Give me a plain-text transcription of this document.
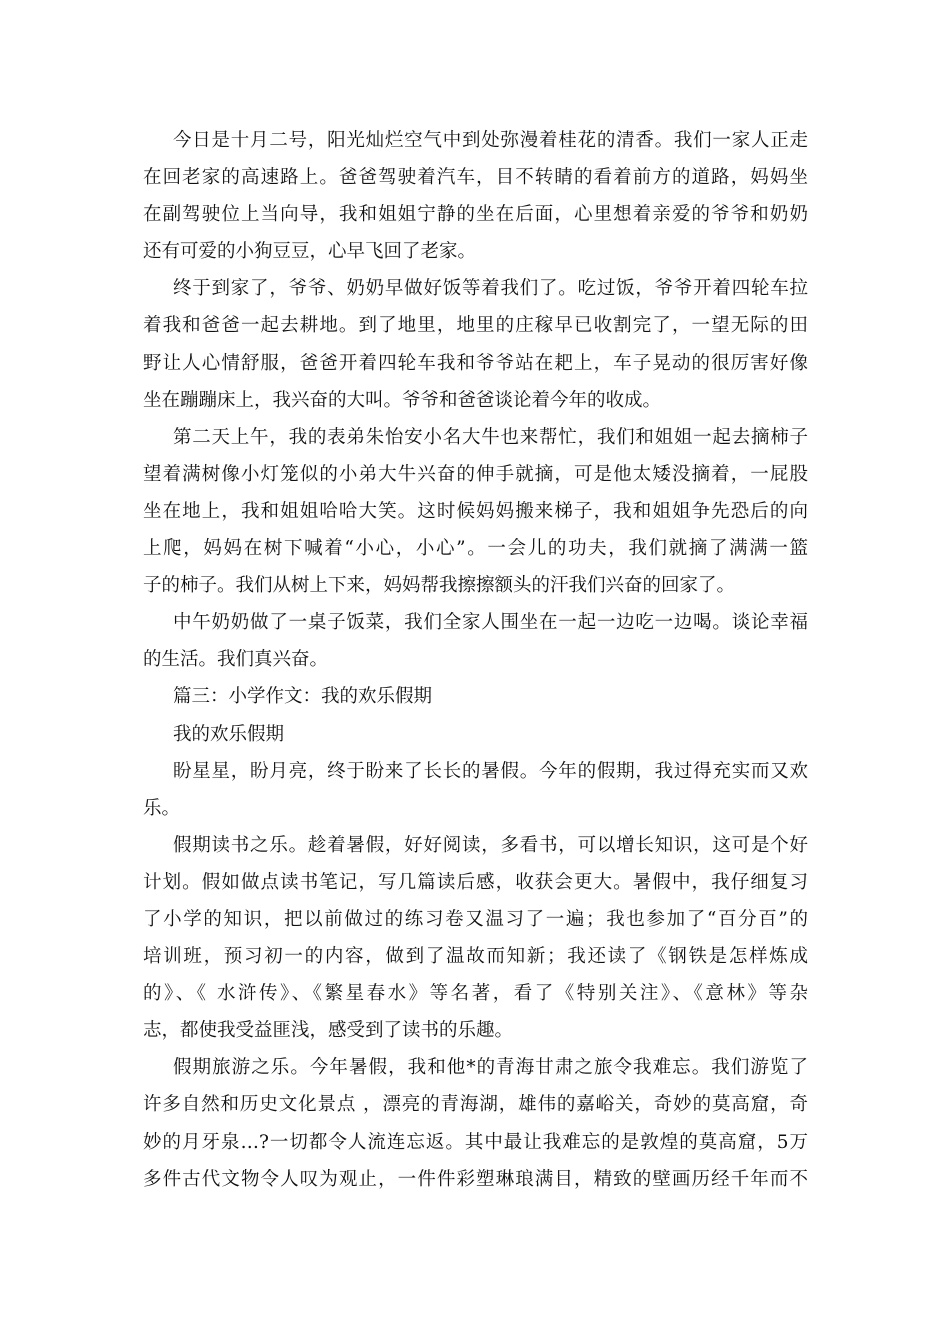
今日是十月二号，阳光灿烂空气中到处弥漫着桂花的清香。我们一家人正走
在回老家的高速路上。爸爸驾驶着汽车，目不转睛的看着前方的道路，妈妈坐
在副驾驶位上当向导，我和姐姐宁静的坐在后面，心里想着亲爱的爷爷和奶奶
还有可爱的小狗豆豆，心早飞回了老家。
终于到家了，爷爷、奶奶早做好饭等着我们了。吃过饭，爷爷开着四轮车拉
着我和爸爸一起去耕地。到了地里，地里的庄稼早已收割完了，一望无际的田
野让人心情舒服，爸爸开着四轮车我和爷爷站在耙上，车子晃动的很厉害好像
坐在蹦蹦床上，我兴奋的大叫。爷爷和爸爸谈论着今年的收成。
第二天上午，我的表弟朱怡安小名大牛也来帮忙，我们和姐姐一起去摘柿子
望着满树像小灯笼似的小弟大牛兴奋的伸手就摘，可是他太矮没摘着，一屁股
坐在地上，我和姐姐哈哈大笑。这时候妈妈搬来梯子，我和姐姐争先恐后的向
上爬，妈妈在树下喊着“小心，小心”。一会儿的功夫，我们就摘了满满一篮
子的柿子。我们从树上下来，妈妈帮我擦擦额头的汗我们兴奋的回家了。
中午奶奶做了一桌子饭菜，我们全家人围坐在一起一边吃一边喝。谈论幸福
的生活。我们真兴奋。
篇三：小学作文：我的欢乐假期
我的欢乐假期
盼星星，盼月亮，终于盼来了长长的暑假。今年的假期，我过得充实而又欢
乐。
假期读书之乐。趁着暑假，好好阅读，多看书，可以增长知识，这可是个好
计划。假如做点读书笔记，写几篇读后感，收获会更大。暑假中，我仔细复习
了小学的知识，把以前做过的练习卷又温习了一遍；我也参加了“百分百”的
培训班，预习初一的内容，做到了温故而知新；我还读了《钢铁是怎样炼成
的》、《 水浒传》、《繁星春水》等名著，看了《特别关注》、《意林》等杂
志，都使我受益匪浅，感受到了读书的乐趣。
假期旅游之乐。今年暑假，我和他*的青海甘肃之旅令我难忘。我们游览了
许多自然和历史文化景点 ，漂亮的青海湖，雄伟的嘉峪关，奇妙的莫高窟，奇
妙的月牙泉…?一切都令人流连忘返。其中最让我难忘的是敦煌的莫高窟，5万
多件古代文物令人叹为观止，一件件彩塑琳琅满目，精致的壁画历经千年而不
